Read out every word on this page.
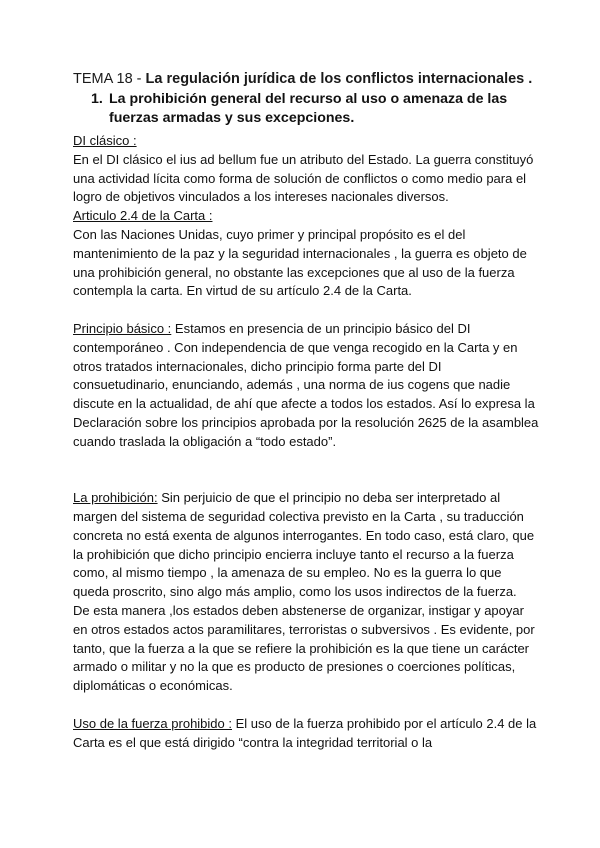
TEMA 18 - La regulación jurídica de los conflictos internacionales .
1. La prohibición general del recurso al uso o amenaza de las fuerzas armadas y sus excepciones.

DI clásico :
En el DI clásico el ius ad bellum fue un atributo del Estado. La guerra constituyó una actividad lícita como forma de solución de conflictos o como medio para el logro de objetivos vinculados a los intereses nacionales diversos.

Articulo 2.4 de la Carta :
Con las Naciones Unidas, cuyo primer y principal propósito es el del mantenimiento de la paz y la seguridad internacionales , la guerra es objeto de una prohibición general, no obstante las excepciones que al uso de la fuerza contempla la carta. En virtud de su artículo 2.4 de la Carta.

Principio básico : Estamos en presencia de un principio básico del DI contemporáneo . Con independencia de que venga recogido en la Carta y en otros tratados internacionales, dicho principio forma parte del DI consuetudinario, enunciando, además , una norma de ius cogens que nadie discute en la actualidad, de ahí que afecte a todos los estados. Así lo expresa la Declaración sobre los principios aprobada por la resolución 2625 de la asamblea cuando traslada la obligación a “todo estado”.

La prohibición: Sin perjuicio de que el principio no deba ser interpretado al margen del sistema de seguridad colectiva previsto en la Carta , su traducción concreta no está exenta de algunos interrogantes. En todo caso, está claro, que la prohibición que dicho principio encierra incluye tanto el recurso a la fuerza como, al mismo tiempo , la amenaza de su empleo. No es la guerra lo que queda proscrito, sino algo más amplio, como los usos indirectos de la fuerza.

De esta manera ,los estados deben abstenerse de organizar, instigar y apoyar en otros estados actos paramilitares, terroristas o subversivos . Es evidente, por tanto, que la fuerza a la que se refiere la prohibición es la que tiene un carácter armado o militar y no la que es producto de presiones o coerciones políticas, diplomáticas o económicas.

Uso de la fuerza prohibido : El uso de la fuerza prohibido por el artículo 2.4 de la Carta es el que está dirigido “contra la integridad territorial o la
